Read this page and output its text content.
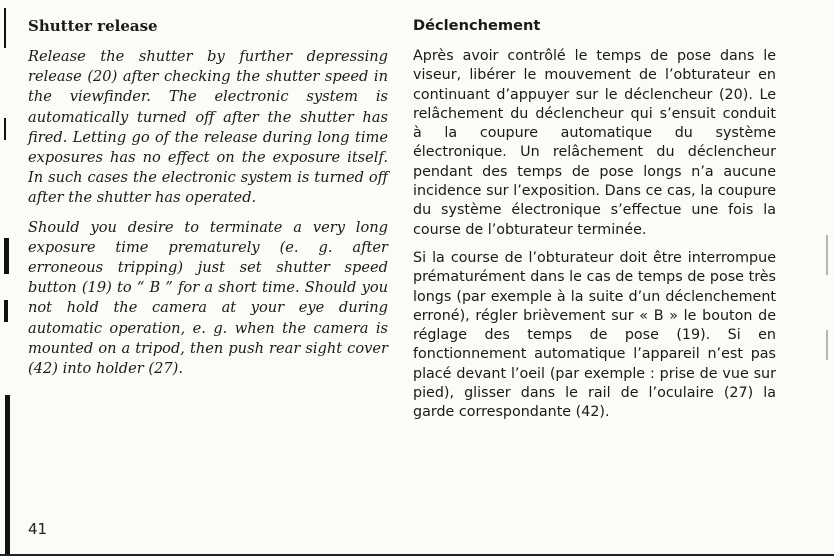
Shutter release

Release the shutter by further depressing release (20) after checking the shutter speed in the viewfinder. The electronic system is automatically turned off after the shutter has fired. Letting go of the release during long time exposures has no effect on the exposure itself. In such cases the electronic system is turned off after the shutter has operated.

Should you desire to terminate a very long exposure time prematurely (e. g. after erroneous tripping) just set shutter speed button (19) to “ B ” for a short time. Should you not hold the camera at your eye during automatic operation, e. g. when the camera is mounted on a tripod, then push rear sight cover (42) into holder (27).

Déclenchement

Après avoir contrôlé le temps de pose dans le viseur, libérer le mouvement de l’obturateur en continuant d’appuyer sur le déclencheur (20). Le relâchement du déclencheur qui s’ensuit conduit à la coupure automatique du système électronique. Un relâchement du déclencheur pendant des temps de pose longs n’a aucune incidence sur l’exposition. Dans ce cas, la coupure du système électronique s’effectue une fois la course de l’obturateur terminée.

Si la course de l’obturateur doit être interrompue prématurément dans le cas de temps de pose très longs (par exemple à la suite d’un déclenchement erroné), régler brièvement sur « B » le bouton de réglage des temps de pose (19). Si en fonctionnement automatique l’appareil n’est pas placé devant l’oeil (par exemple : prise de vue sur pied), glisser dans le rail de l’oculaire (27) la garde correspondante (42).

41
